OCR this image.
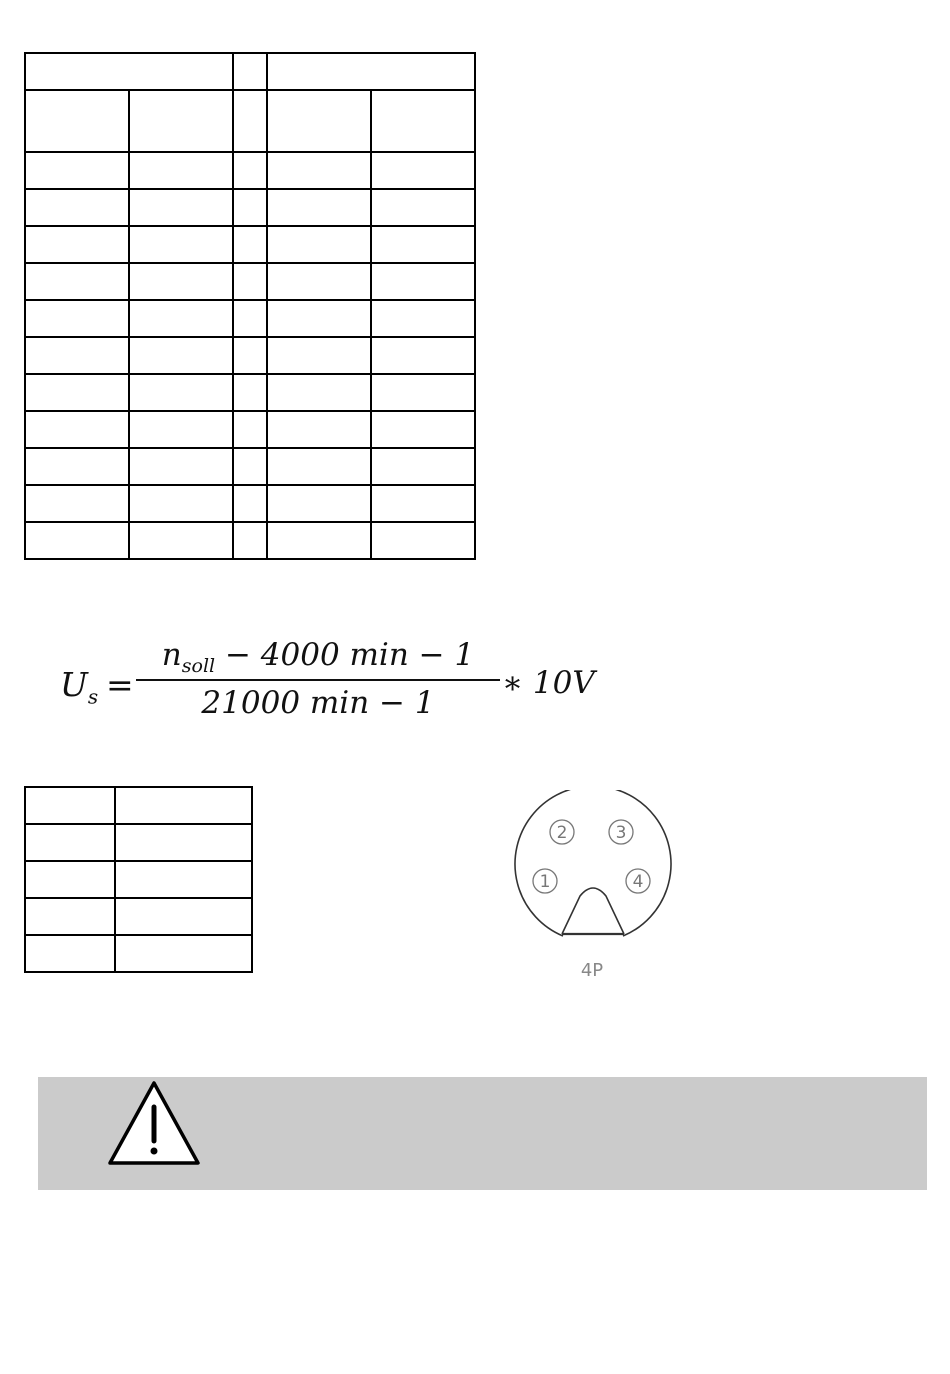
$U_s$ =
$n_{soll} - 4000$ min − 1
21000 min − 1
∗ 10V

1
2	3
4
4P
